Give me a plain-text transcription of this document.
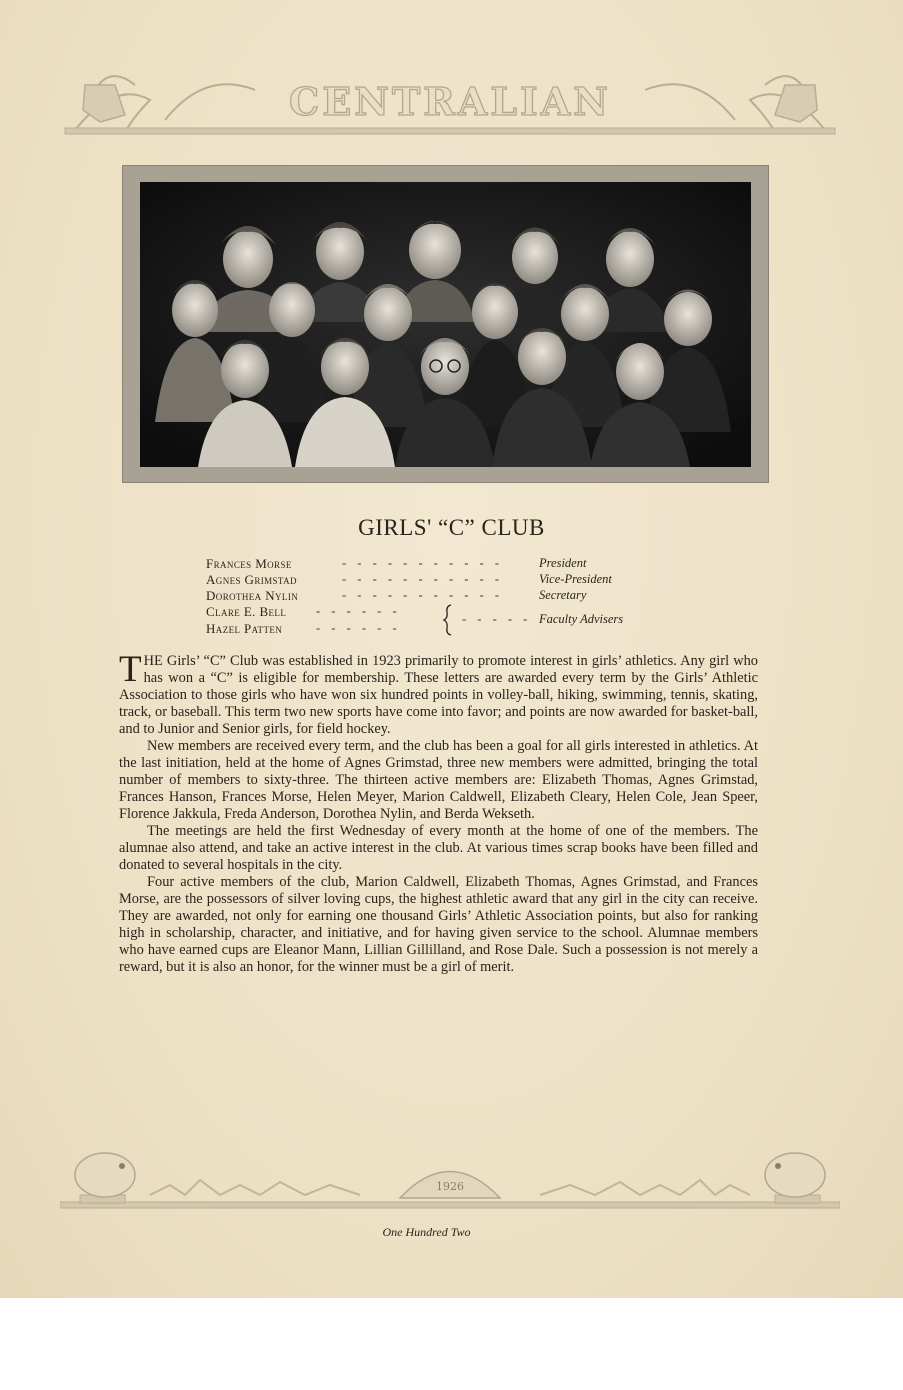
CENTRALIAN
GIRLS' “C” CLUB
Frances Morse	- - - - - - - - - - -	President
Agnes Grimstad	- - - - - - - - - - -	Vice-President
Dorothea Nylin	- - - - - - - - - - -	Secretary
Clare E. Bell - - - - - -
Hazel Patten	- - - - - -
- - - - - Faculty Advisers

THE Girls’ “C” Club was established in 1923 primarily to promote interest in girls’ athletics. Any girl who has won a “C” is eligible for membership. These letters are awarded every term by the Girls’ Athletic Association to those girls who have won six hundred points in volley-ball, hiking, swimming, tennis, skating, track, or baseball. This term two new sports have come into favor; and points are now awarded for basket-ball, and to Junior and Senior girls, for field hockey.

New members are received every term, and the club has been a goal for all girls interested in athletics. At the last initiation, held at the home of Agnes Grimstad, three new members were admitted, bringing the total number of members to sixty-three. The thirteen active members are: Elizabeth Thomas, Agnes Grimstad, Frances Hanson, Frances Morse, Helen Meyer, Marion Caldwell, Elizabeth Cleary, Helen Cole, Jean Speer, Florence Jakkula, Freda Anderson, Dorothea Nylin, and Berda Wekseth.

The meetings are held the first Wednesday of every month at the home of one of the members. The alumnae also attend, and take an active interest in the club. At various times scrap books have been filled and donated to several hospitals in the city.

Four active members of the club, Marion Caldwell, Elizabeth Thomas, Agnes Grimstad, and Frances Morse, are the possessors of silver loving cups, the highest athletic award that any girl in the city can receive. They are awarded, not only for earning one thousand Girls’ Athletic Association points, but also for ranking high in scholarship, character, and initiative, and for having given service to the school. Alumnae members who have earned cups are Eleanor Mann, Lillian Gillilland, and Rose Dale. Such a possession is not merely a reward, but it is also an honor, for the winner must be a girl of merit.

1926
One Hundred Two
